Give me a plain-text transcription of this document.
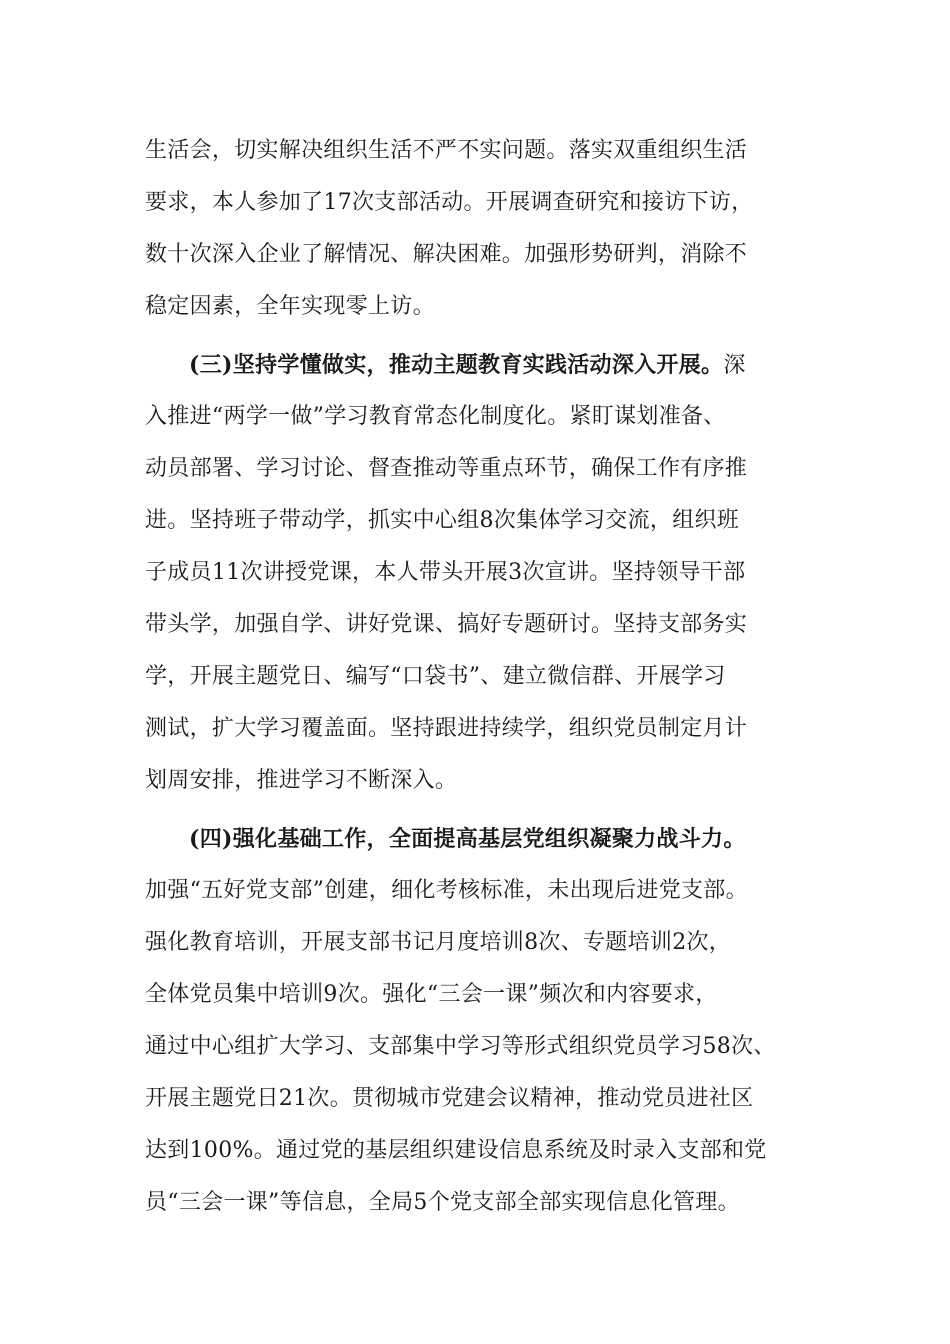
生活会，切实解决组织生活不严不实问题。落实双重组织生活
要求，本人参加了17次支部活动。开展调查研究和接访下访，
数十次深入企业了解情况、解决困难。加强形势研判，消除不
稳定因素，全年实现零上访。
(三)坚持学懂做实，推动主题教育实践活动深入开展。深
入推进“两学一做”学习教育常态化制度化。紧盯谋划准备、
动员部署、学习讨论、督查推动等重点环节，确保工作有序推
进。坚持班子带动学，抓实中心组8次集体学习交流，组织班
子成员11次讲授党课，本人带头开展3次宣讲。坚持领导干部
带头学，加强自学、讲好党课、搞好专题研讨。坚持支部务实
学，开展主题党日、编写“口袋书”、建立微信群、开展学习
测试，扩大学习覆盖面。坚持跟进持续学，组织党员制定月计
划周安排，推进学习不断深入。
(四)强化基础工作，全面提高基层党组织凝聚力战斗力。
加强“五好党支部”创建，细化考核标准，未出现后进党支部。
强化教育培训，开展支部书记月度培训8次、专题培训2次，
全体党员集中培训9次。强化“三会一课”频次和内容要求，
通过中心组扩大学习、支部集中学习等形式组织党员学习58次、
开展主题党日21次。贯彻城市党建会议精神，推动党员进社区
达到100%。通过党的基层组织建设信息系统及时录入支部和党
员“三会一课”等信息，全局5个党支部全部实现信息化管理。
